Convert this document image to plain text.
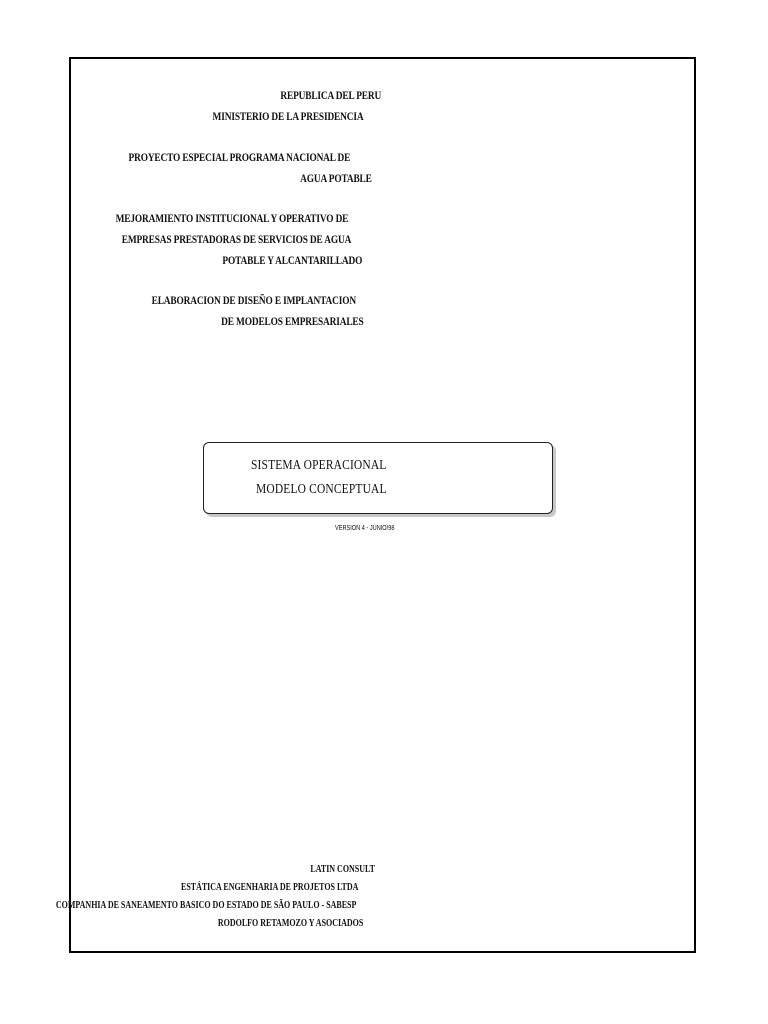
REPUBLICA DEL PERU
MINISTERIO DE LA PRESIDENCIA
PROYECTO ESPECIAL PROGRAMA NACIONAL DE
AGUA POTABLE
MEJORAMIENTO INSTITUCIONAL Y OPERATIVO DE
EMPRESAS PRESTADORAS DE SERVICIOS DE AGUA
POTABLE Y ALCANTARILLADO
ELABORACION DE DISEÑO E IMPLANTACION
DE MODELOS EMPRESARIALES
SISTEMA OPERACIONAL
MODELO CONCEPTUAL
VERSION 4 - JUNIO/98
LATIN CONSULT
ESTÁTICA ENGENHARIA DE PROJETOS LTDA
COMPANHIA DE SANEAMENTO BASICO DO ESTADO DE SÃO PAULO - SABESP
RODOLFO RETAMOZO Y ASOCIADOS
